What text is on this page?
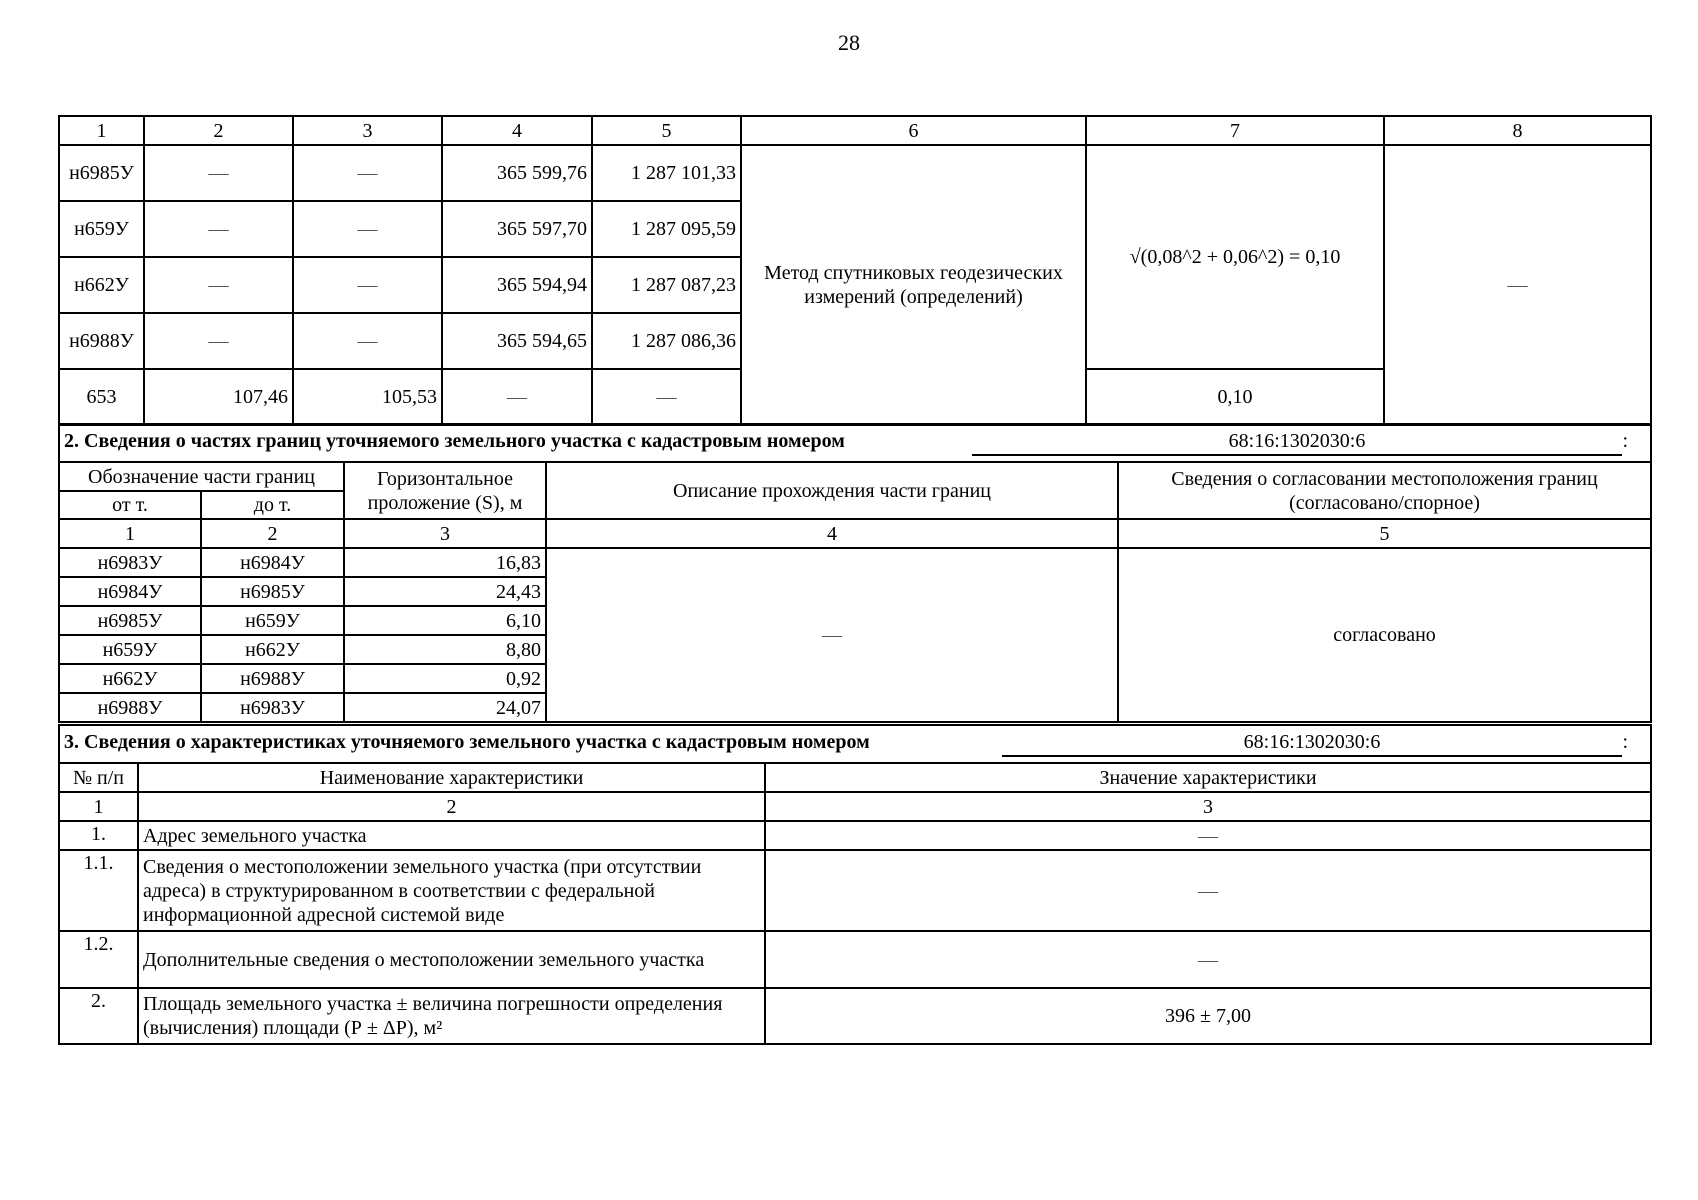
28
1	2	3	4	5	6	7	8
н6985У	—	—	365 599,76	1 287 101,33	Метод спутниковых геодезических измерений (определений)	√(0,08^2 + 0,06^2) = 0,10	—
н659У	—	—	365 597,70	1 287 095,59			
н662У	—	—	365 594,94	1 287 087,23			
н6988У	—	—	365 594,65	1 287 086,36			
653	107,46	105,53	—	—		0,10	
2. Сведения о частях границ уточняемого земельного участка с кадастровым номером 68:16:1302030:6 :				

Обозначение части границ		Горизонтальное проложение (S), м	Описание прохождения части границ	Сведения о согласовании местоположения границ (согласовано/спорное)
от т.	до т.			
1	2	3	4	5
н6983У	н6984У	16,83	—	согласовано
н6984У	н6985У	24,43		
н6985У	н659У	6,10		
н659У	н662У	8,80		
н662У	н6988У	0,92		
н6988У	н6983У	24,07		
3. Сведения о характеристиках уточняемого земельного участка с кадастровым номером 68:16:1302030:6 :		

№ п/п	Наименование характеристики	Значение характеристики
1	2	3
1.	Адрес земельного участка	—
1.1.	Сведения о местоположении земельного участка (при отсутствии адреса) в структурированном в соответствии с федеральной информационной адресной системой виде	—
1.2.	Дополнительные сведения о местоположении земельного участка	—
2.	Площадь земельного участка ± величина погрешности определения (вычисления) площади (Р ± ΔР), м²	396 ± 7,00
